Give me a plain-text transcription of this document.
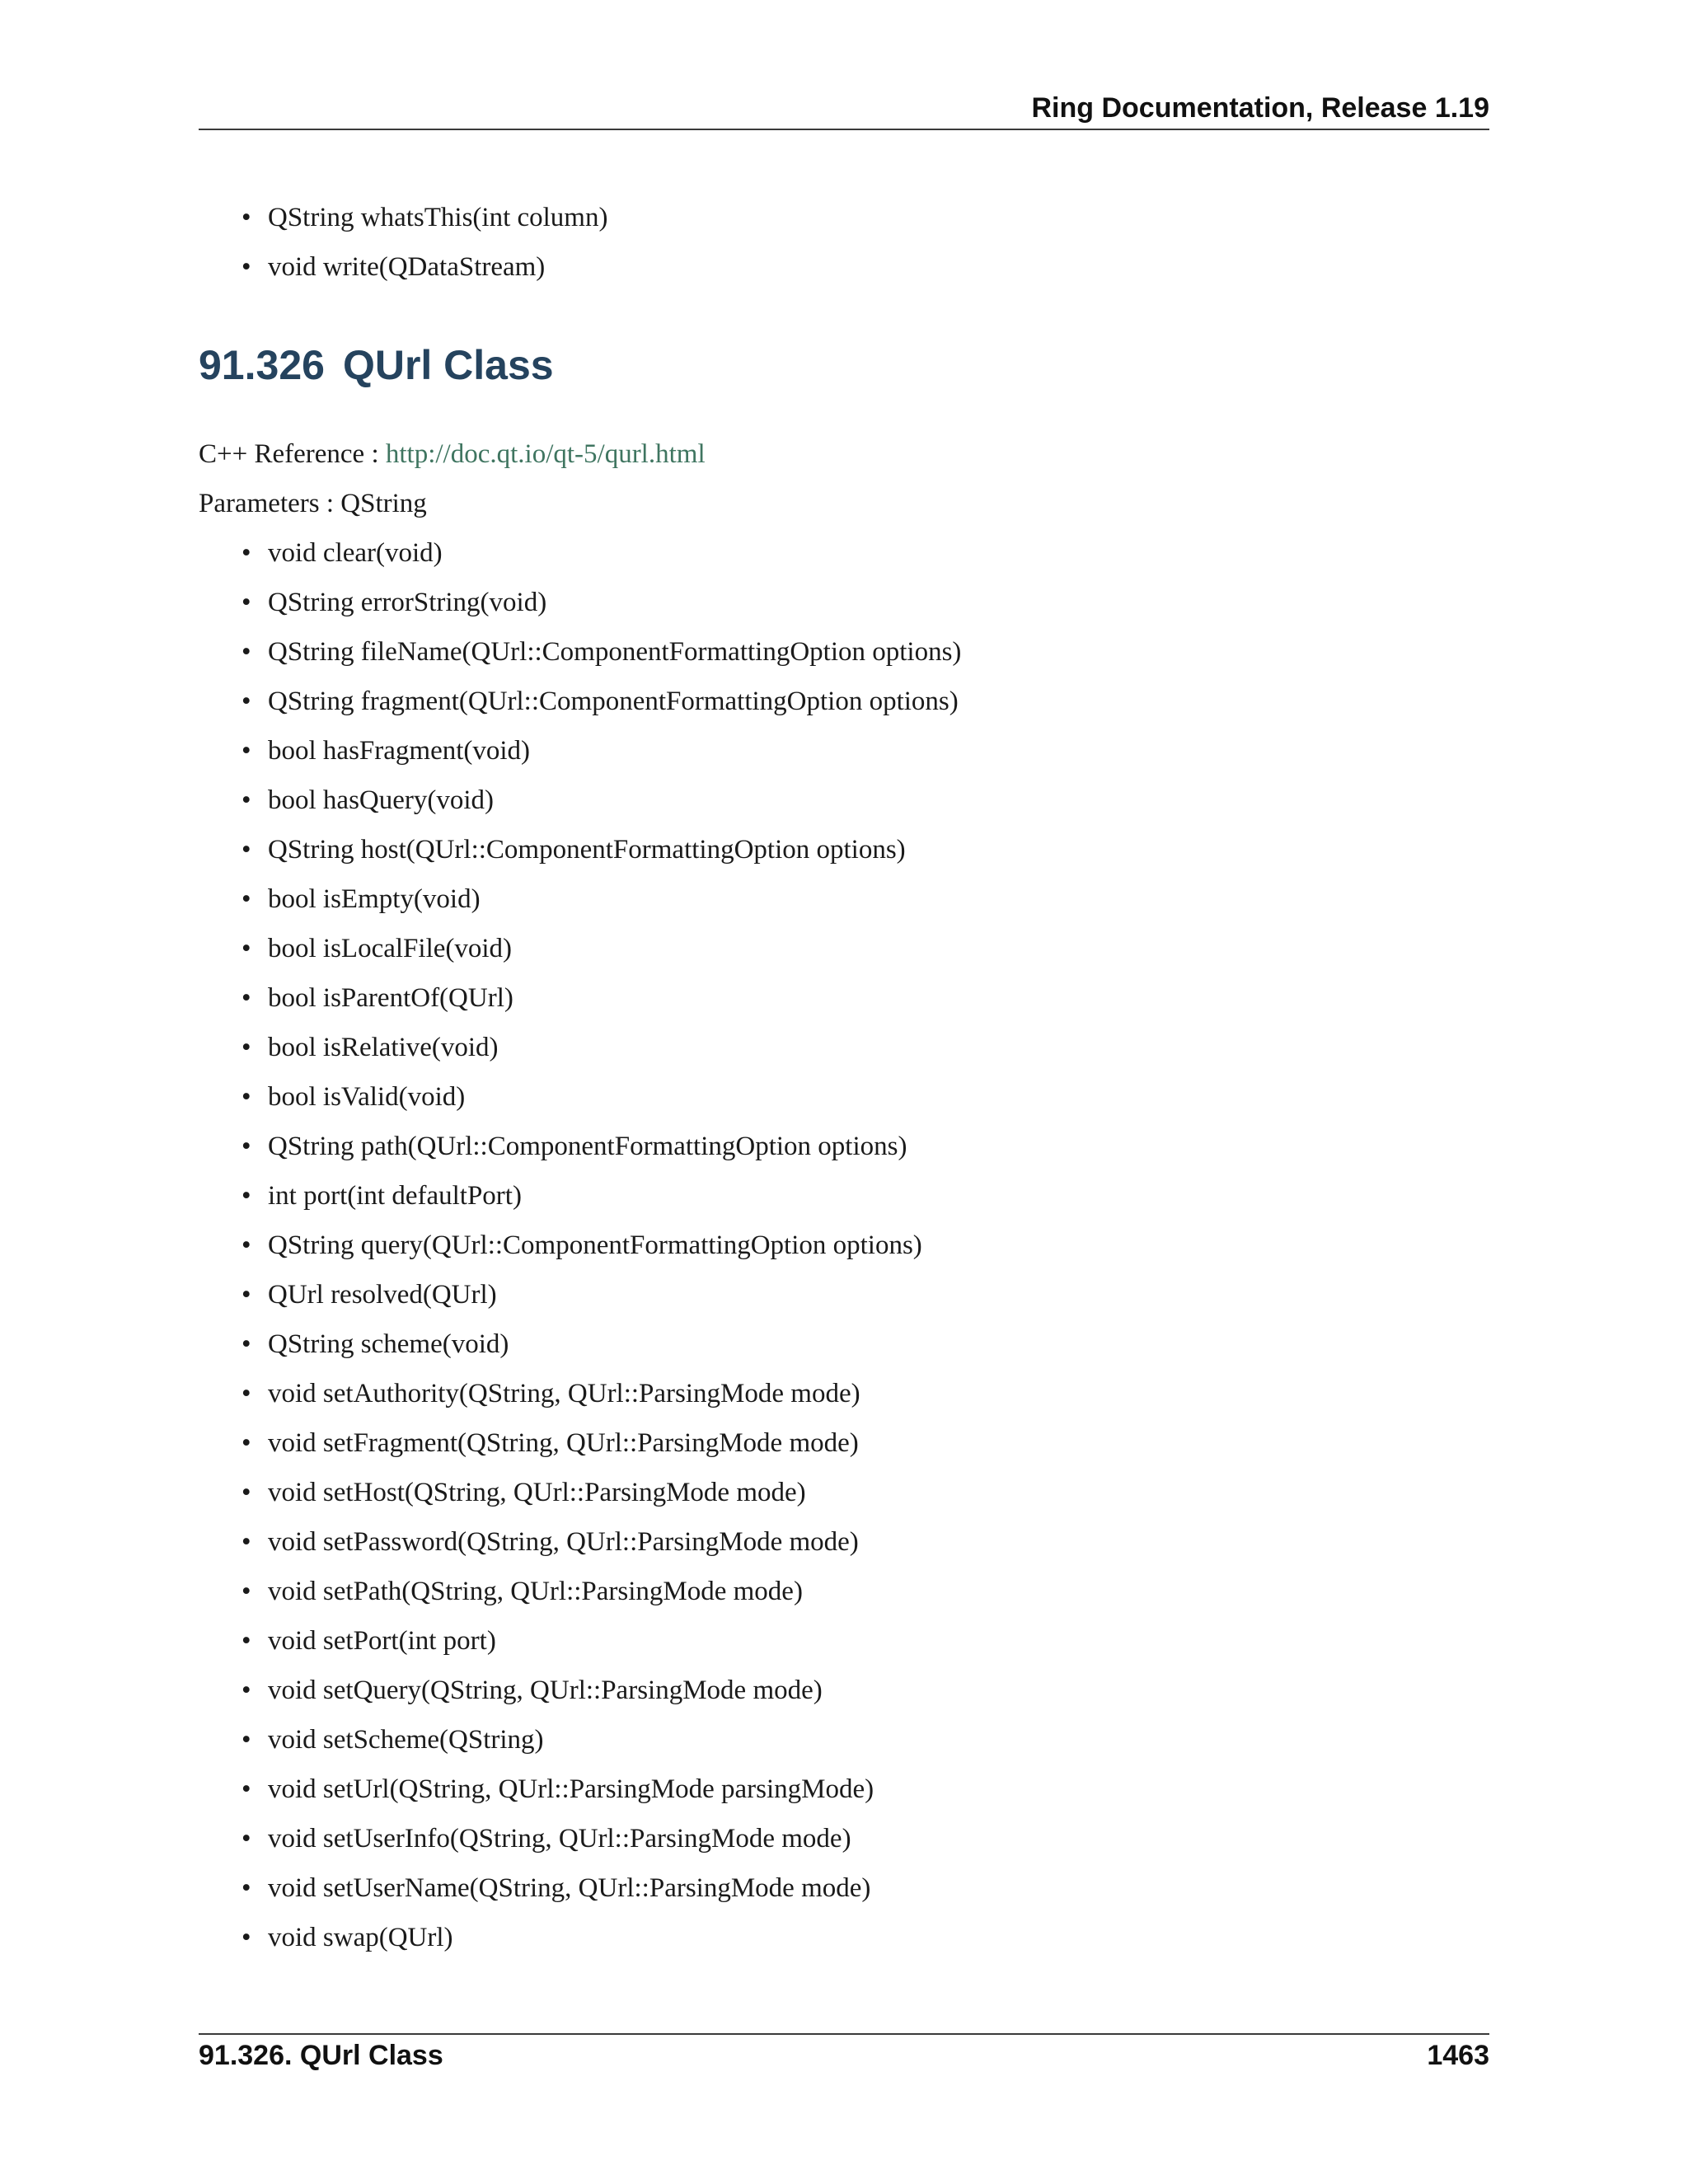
Ring Documentation, Release 1.19
• QString whatsThis(int column)
• void write(QDataStream)
91.326 QUrl Class
C++ Reference : http://doc.qt.io/qt-5/qurl.html
Parameters : QString
• void clear(void)
• QString errorString(void)
• QString fileName(QUrl::ComponentFormattingOption options)
• QString fragment(QUrl::ComponentFormattingOption options)
• bool hasFragment(void)
• bool hasQuery(void)
• QString host(QUrl::ComponentFormattingOption options)
• bool isEmpty(void)
• bool isLocalFile(void)
• bool isParentOf(QUrl)
• bool isRelative(void)
• bool isValid(void)
• QString path(QUrl::ComponentFormattingOption options)
• int port(int defaultPort)
• QString query(QUrl::ComponentFormattingOption options)
• QUrl resolved(QUrl)
• QString scheme(void)
• void setAuthority(QString, QUrl::ParsingMode mode)
• void setFragment(QString, QUrl::ParsingMode mode)
• void setHost(QString, QUrl::ParsingMode mode)
• void setPassword(QString, QUrl::ParsingMode mode)
• void setPath(QString, QUrl::ParsingMode mode)
• void setPort(int port)
• void setQuery(QString, QUrl::ParsingMode mode)
• void setScheme(QString)
• void setUrl(QString, QUrl::ParsingMode parsingMode)
• void setUserInfo(QString, QUrl::ParsingMode mode)
• void setUserName(QString, QUrl::ParsingMode mode)
• void swap(QUrl)
91.326. QUrl Class	1463
